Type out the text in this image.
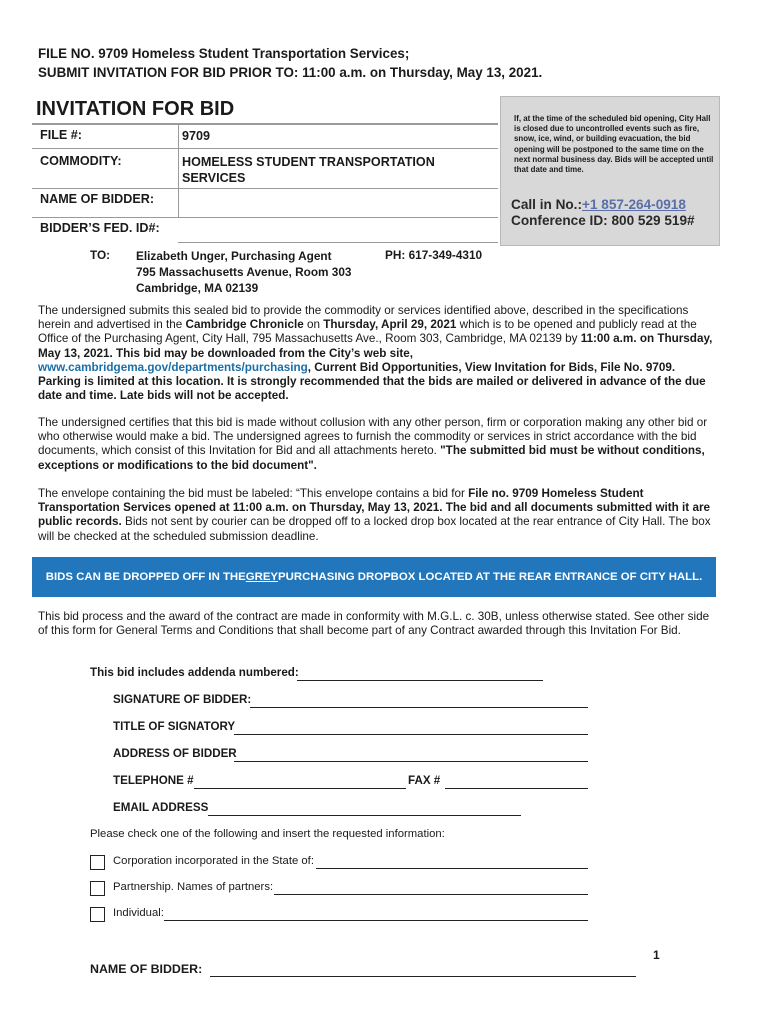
FILE NO. 9709 Homeless Student Transportation Services;
SUBMIT INVITATION FOR BID PRIOR TO: 11:00 a.m. on Thursday, May 13, 2021.
INVITATION FOR BID
FILE #:	9709
COMMODITY:	HOMELESS STUDENT TRANSPORTATION
SERVICES
NAME OF BIDDER:
BIDDER’S FED. ID#:
If, at the time of the scheduled bid opening, City Hall is closed due to uncontrolled events such as fire, snow, ice, wind, or building evacuation, the bid opening will be postponed to the same time on the next normal business day. Bids will be accepted until that date and time.
Call in No.:+1 857-264-0918
Conference ID: 800 529 519#
TO: Elizabeth Unger, Purchasing Agent
795 Massachusetts Avenue, Room 303
Cambridge, MA 02139
PH: 617-349-4310
The undersigned submits this sealed bid to provide the commodity or services identified above, described in the specifications herein and advertised in the Cambridge Chronicle on Thursday, April 29, 2021 which is to be opened and publicly read at the Office of the Purchasing Agent, City Hall, 795 Massachusetts Ave., Room 303, Cambridge, MA 02139 by 11:00 a.m. on Thursday, May 13, 2021. This bid may be downloaded from the City’s web site,
www.cambridgema.gov/departments/purchasing, Current Bid Opportunities, View Invitation for Bids, File No. 9709. Parking is limited at this location. It is strongly recommended that the bids are mailed or delivered in advance of the due date and time. Late bids will not be accepted.
The undersigned certifies that this bid is made without collusion with any other person, firm or corporation making any other bid or who otherwise would make a bid. The undersigned agrees to furnish the commodity or services in strict accordance with the bid documents, which consist of this Invitation for Bid and all attachments hereto. "The submitted bid must be without conditions, exceptions or modifications to the bid document".
The envelope containing the bid must be labeled: “This envelope contains a bid for File no. 9709 Homeless Student Transportation Services opened at 11:00 a.m. on Thursday, May 13, 2021. The bid and all documents submitted with it are public records. Bids not sent by courier can be dropped off to a locked drop box located at the rear entrance of City Hall. The box will be checked at the scheduled submission deadline.
BIDS CAN BE DROPPED OFF IN THE GREY PURCHASING DROPBOX LOCATED AT THE REAR ENTRANCE OF CITY HALL.
This bid process and the award of the contract are made in conformity with M.G.L. c. 30B, unless otherwise stated. See other side of this form for General Terms and Conditions that shall become part of any Contract awarded through this Invitation For Bid.
This bid includes addenda numbered:
SIGNATURE OF BIDDER:
TITLE OF SIGNATORY
ADDRESS OF BIDDER
TELEPHONE #	FAX #
EMAIL ADDRESS
Please check one of the following and insert the requested information:
Corporation incorporated in the State of:
Partnership. Names of partners:
Individual:
1
NAME OF BIDDER:
